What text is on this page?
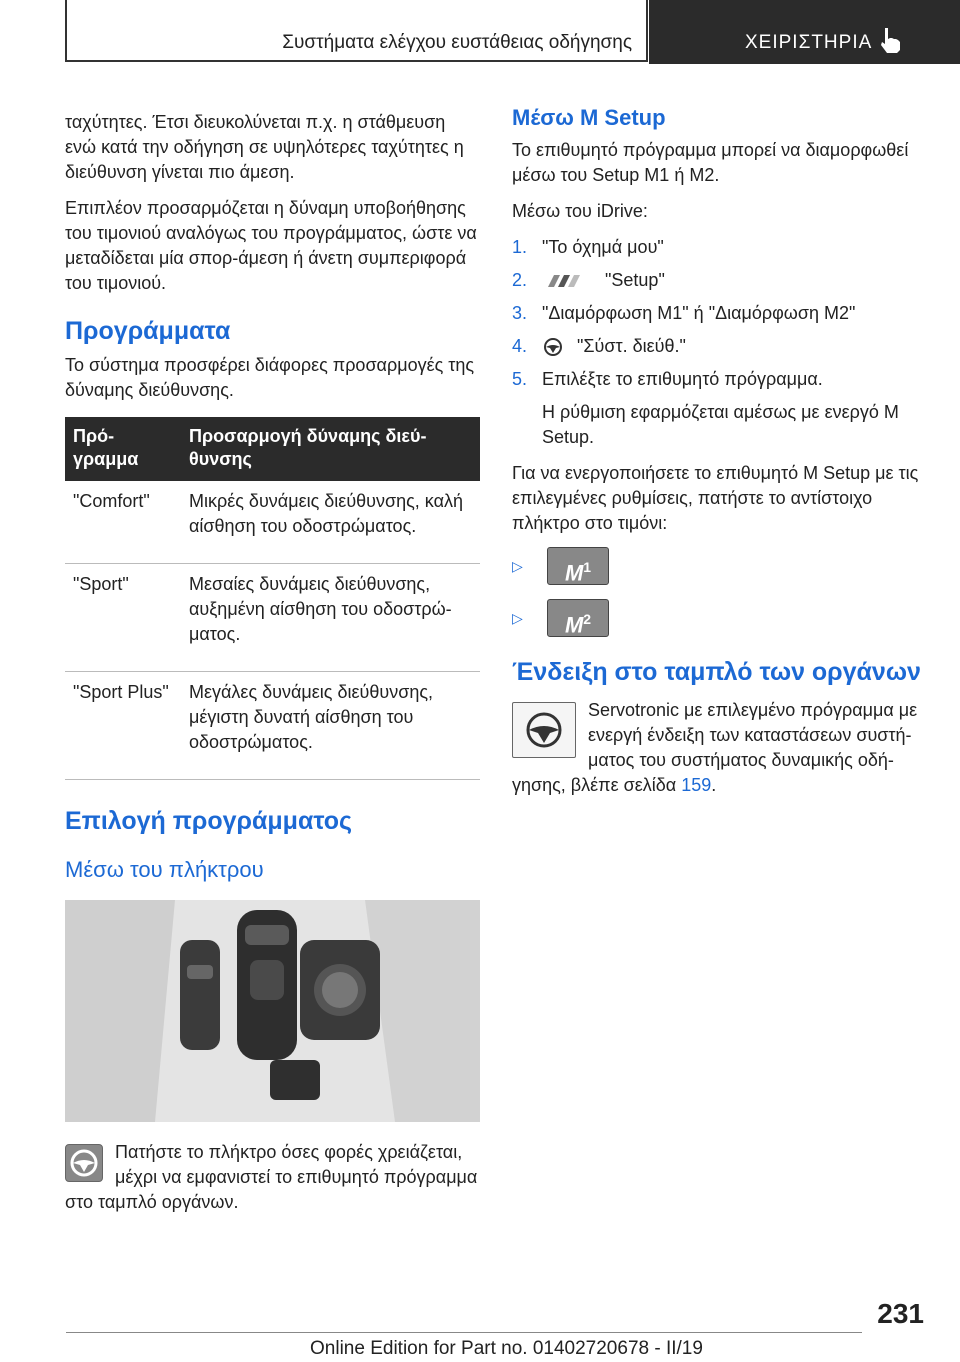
Συστήματα ελέγχου ευστάθειας οδήγησης	ΧΕΙΡΙΣΤΗΡΙΑ

ταχύτητες. Έτσι διευκολύνεται π.χ. η στάθμευση ενώ κατά την οδήγηση σε υψηλότερες ταχύτητες η διεύθυνση γίνεται πιο άμεση.

Επιπλέον προσαρμόζεται η δύναμη υποβοήθησης του τιμονιού αναλόγως του προγράμματος, ώστε να μεταδίδεται μία σπορ-άμεση ή άνετη συμπεριφορά του τιμονιού.

Προγράμματα

Το σύστημα προσφέρει διάφορες προσαρμογές της δύναμης διεύθυνσης.

Πρόγραμμα	Προσαρμογή δύναμης διεύθυνσης
"Comfort"	Μικρές δυνάμεις διεύθυνσης, καλή αίσθηση του οδοστρώματος.
"Sport"	Μεσαίες δυνάμεις διεύθυνσης, αυξημένη αίσθηση του οδοστρώματος.
"Sport Plus"	Μεγάλες δυνάμεις διεύθυνσης, μέγιστη δυνατή αίσθηση του οδοστρώματος.
Επιλογή προγράμματος
Μέσω του πλήκτρου

Πατήστε το πλήκτρο όσες φορές χρειάζεται, μέχρι να εμφανιστεί το επιθυμητό πρόγραμμα στο ταμπλό οργάνων.

Μέσω M Setup

Το επιθυμητό πρόγραμμα μπορεί να διαμορφωθεί μέσω του Setup M1 ή M2.

Μέσω του iDrive:

1. "Το όχημά μου"
2.	"Setup"
3. "Διαμόρφωση M1" ή "Διαμόρφωση M2"
4.	"Σύστ. διεύθ."
5. Επιλέξτε το επιθυμητό πρόγραμμα.

Η ρύθμιση εφαρμόζεται αμέσως με ενεργό M Setup.

Για να ενεργοποιήσετε το επιθυμητό M Setup με τις επιλεγμένες ρυθμίσεις, πατήστε το αντίστοιχο πλήκτρο στο τιμόνι:

▷ $M^1$
▷ $M^2$
Ένδειξη στο ταμπλό των οργάνων

Servotronic με επιλεγμένο πρόγραμμα με ενεργή ένδειξη των καταστάσεων συστήματος του συστήματος δυναμικής οδήγησης, βλέπε σελίδα 159.

231
Online Edition for Part no. 01402720678 - II/19
